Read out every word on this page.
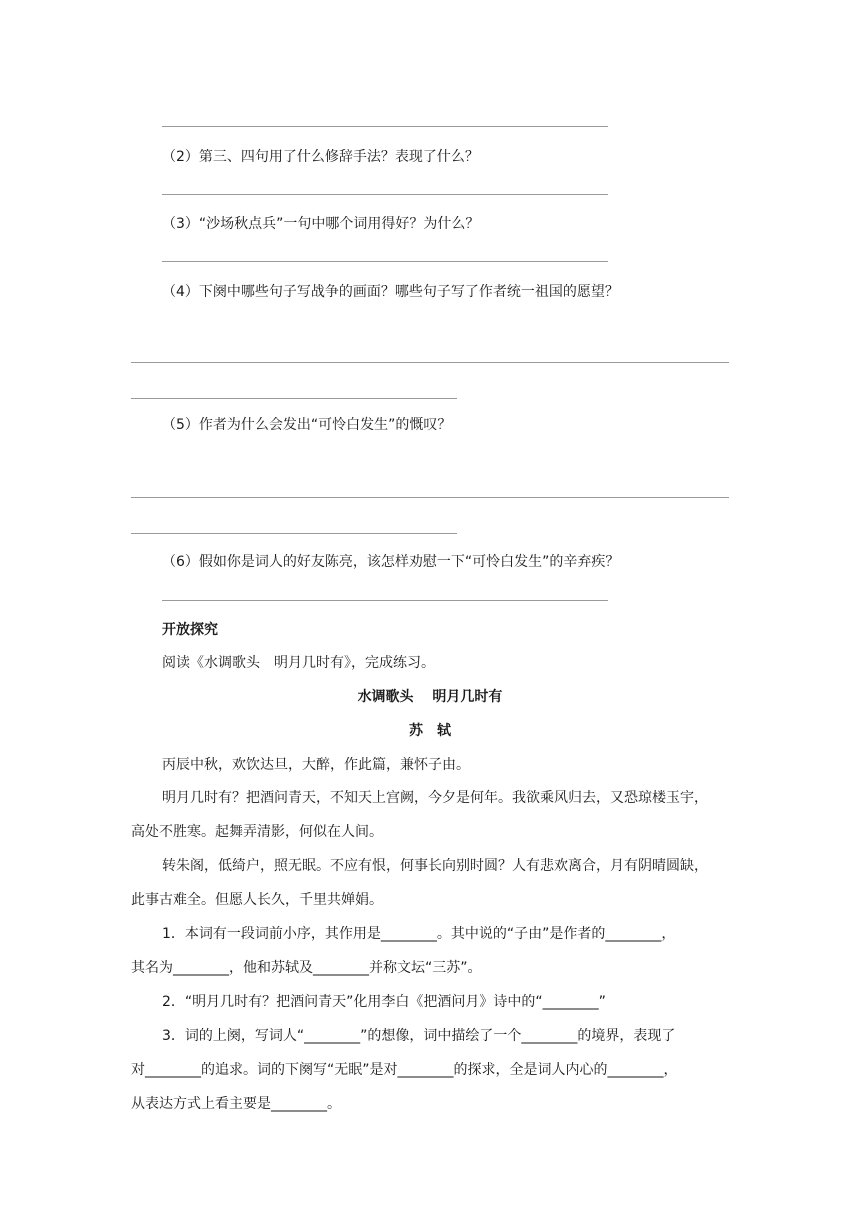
（2）第三、四句用了什么修辞手法？表现了什么？
（3）“沙场秋点兵”一句中哪个词用得好？为什么？
（4）下阕中哪些句子写战争的画面？哪些句子写了作者统一祖国的愿望？
（5）作者为什么会发出“可怜白发生”的慨叹？
（6）假如你是词人的好友陈亮，该怎样劝慰一下“可怜白发生”的辛弃疾？
开放探究
阅读《水调歌头　明月几时有》，完成练习。
水调歌头　 明月几时有
苏　轼
丙辰中秋，欢饮达旦，大醉，作此篇，兼怀子由。
明月几时有？把酒问青天，不知天上宫阙，今夕是何年。我欲乘风归去，又恐琼楼玉宇，
高处不胜寒。起舞弄清影，何似在人间。
转朱阁，低绮户，照无眠。不应有恨，何事长向别时圆？人有悲欢离合，月有阴晴圆缺，
此事古难全。但愿人长久，千里共婵娟。
1．本词有一段词前小序，其作用是________。其中说的“子由”是作者的________，
其名为________，他和苏轼及________并称文坛“三苏”。
2．“明月几时有？把酒问青天”化用李白《把酒问月》诗中的“________”
3．词的上阕，写词人“________”的想像，词中描绘了一个________的境界，表现了
对________的追求。词的下阕写“无眠”是对________的探求，全是词人内心的________，
从表达方式上看主要是________。
